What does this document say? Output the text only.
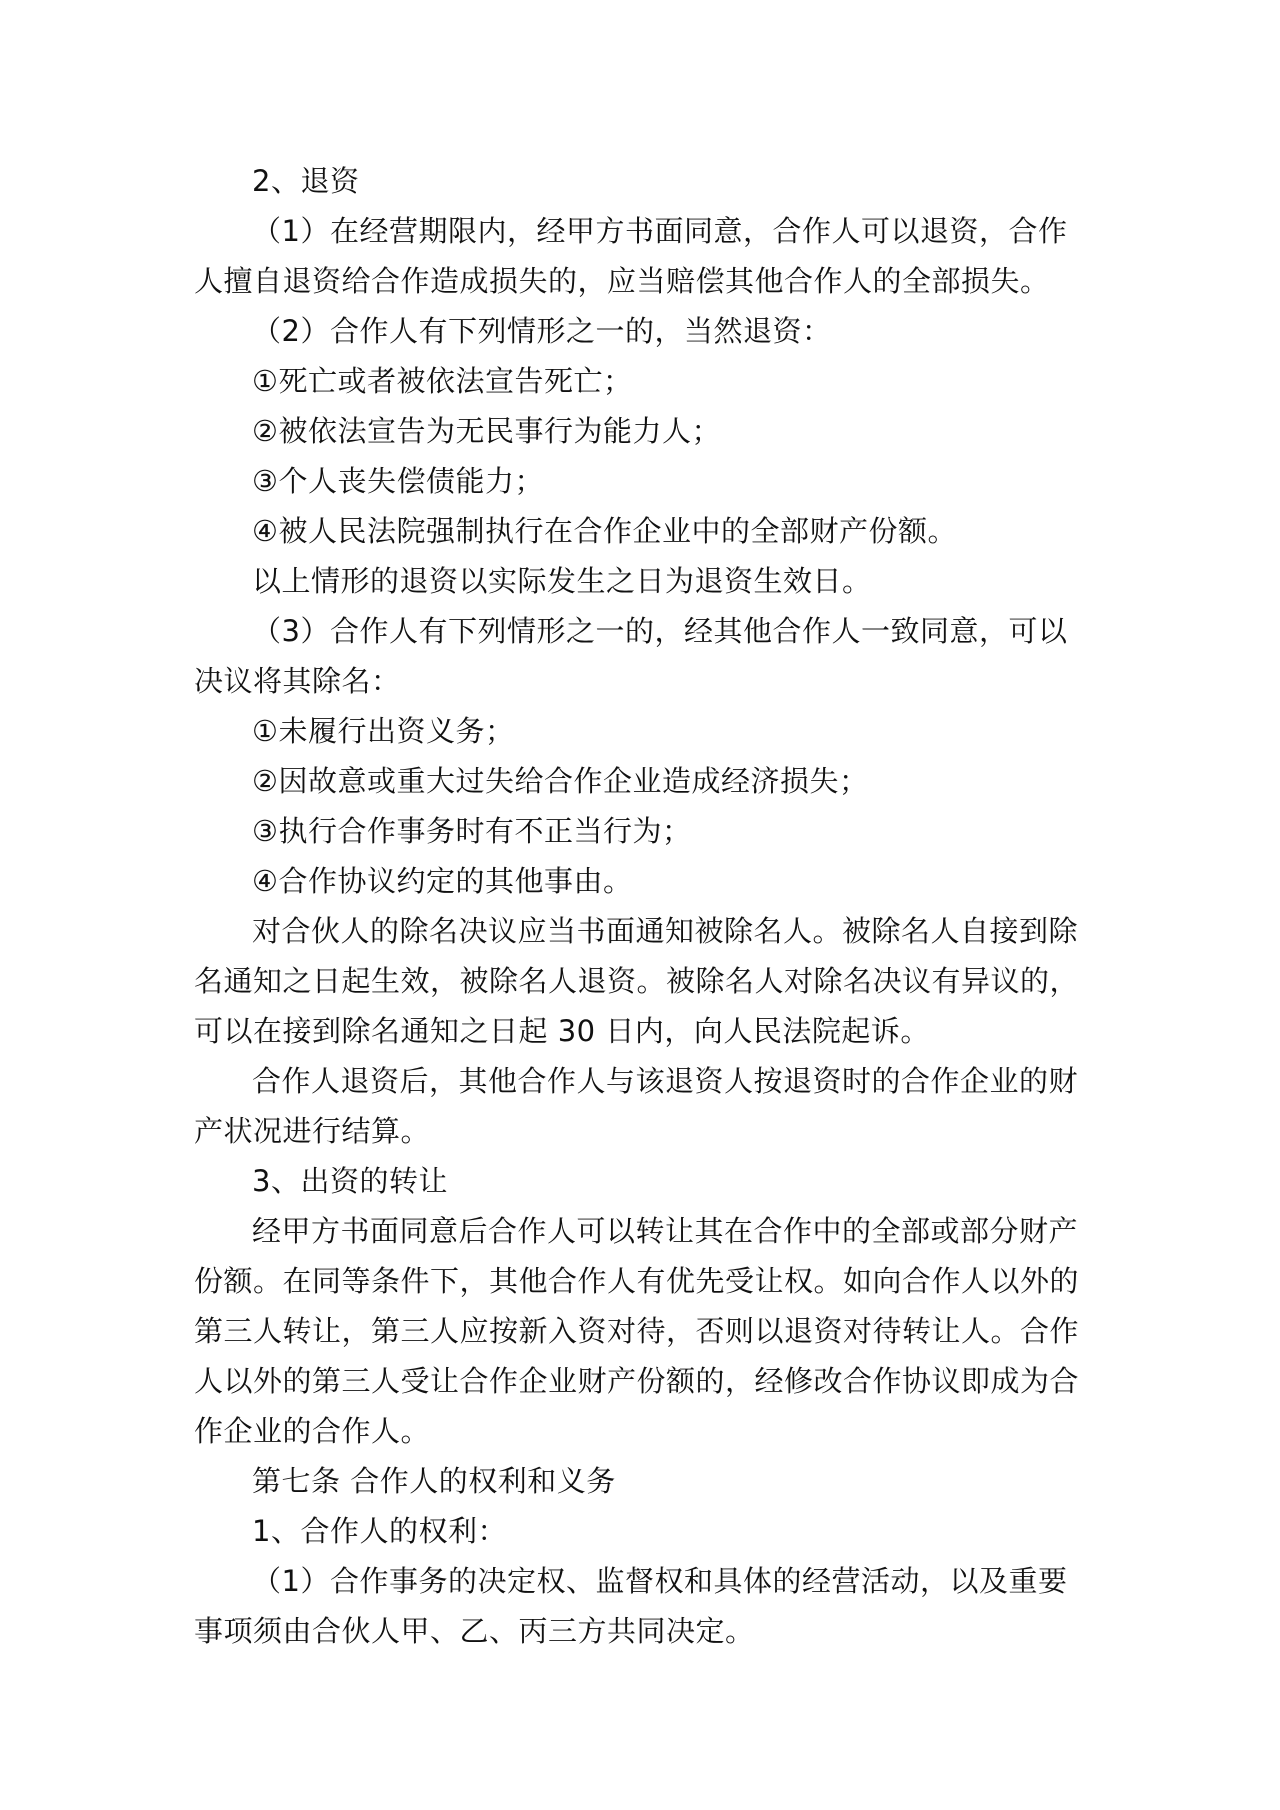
2、退资

（1）在经营期限内，经甲方书面同意，合作人可以退资，合作人擅自退资给合作造成损失的，应当赔偿其他合作人的全部损失。

（2）合作人有下列情形之一的，当然退资：

①死亡或者被依法宣告死亡；

②被依法宣告为无民事行为能力人；

③个人丧失偿债能力；

④被人民法院强制执行在合作企业中的全部财产份额。

以上情形的退资以实际发生之日为退资生效日。

（3）合作人有下列情形之一的，经其他合作人一致同意，可以决议将其除名：

①未履行出资义务；

②因故意或重大过失给合作企业造成经济损失；

③执行合作事务时有不正当行为；

④合作协议约定的其他事由。

对合伙人的除名决议应当书面通知被除名人。被除名人自接到除名通知之日起生效，被除名人退资。被除名人对除名决议有异议的，可以在接到除名通知之日起 30 日内，向人民法院起诉。

合作人退资后，其他合作人与该退资人按退资时的合作企业的财产状况进行结算。

3、出资的转让

经甲方书面同意后合作人可以转让其在合作中的全部或部分财产份额。在同等条件下，其他合作人有优先受让权。如向合作人以外的第三人转让，第三人应按新入资对待，否则以退资对待转让人。合作人以外的第三人受让合作企业财产份额的，经修改合作协议即成为合作企业的合作人。

第七条 合作人的权利和义务

1、合作人的权利：

（1）合作事务的决定权、监督权和具体的经营活动，以及重要事项须由合伙人甲、乙、丙三方共同决定。
